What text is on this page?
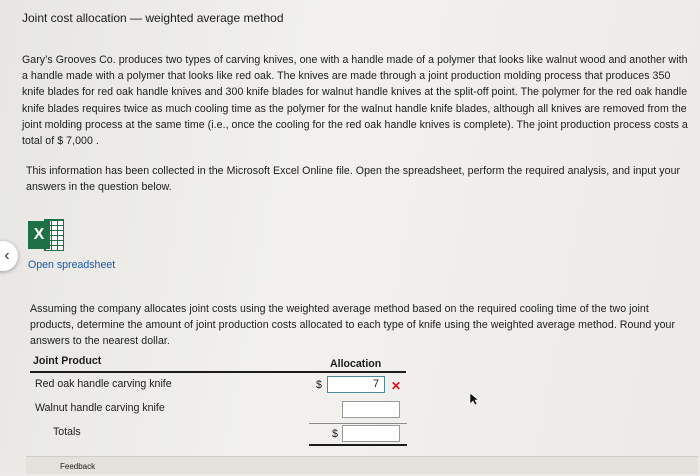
Joint cost allocation — weighted average method
Gary’s Grooves Co. produces two types of carving knives, one with a handle made of a polymer that looks like walnut wood and another with a handle made with a polymer that looks like red oak. The knives are made through a joint production molding process that produces 350 knife blades for red oak handle knives and 300 knife blades for walnut handle knives at the split-off point. The polymer for the red oak handle knife blades requires twice as much cooling time as the polymer for the walnut handle knife blades, although all knives are removed from the joint molding process at the same time (i.e., once the cooling for the red oak handle knives is complete). The joint production process costs a total of $ 7,000 .
This information has been collected in the Microsoft Excel Online file. Open the spreadsheet, perform the required analysis, and input your answers in the question below.
‹
X
Open spreadsheet
Assuming the company allocates joint costs using the weighted average method based on the required cooling time of the two joint products, determine the amount of joint production costs allocated to each type of knife using the weighted average method. Round your answers to the nearest dollar.
Joint Product	Allocation
Red oak handle carving knife	$	7	✕
Walnut handle carving knife
Totals	$
Feedback
